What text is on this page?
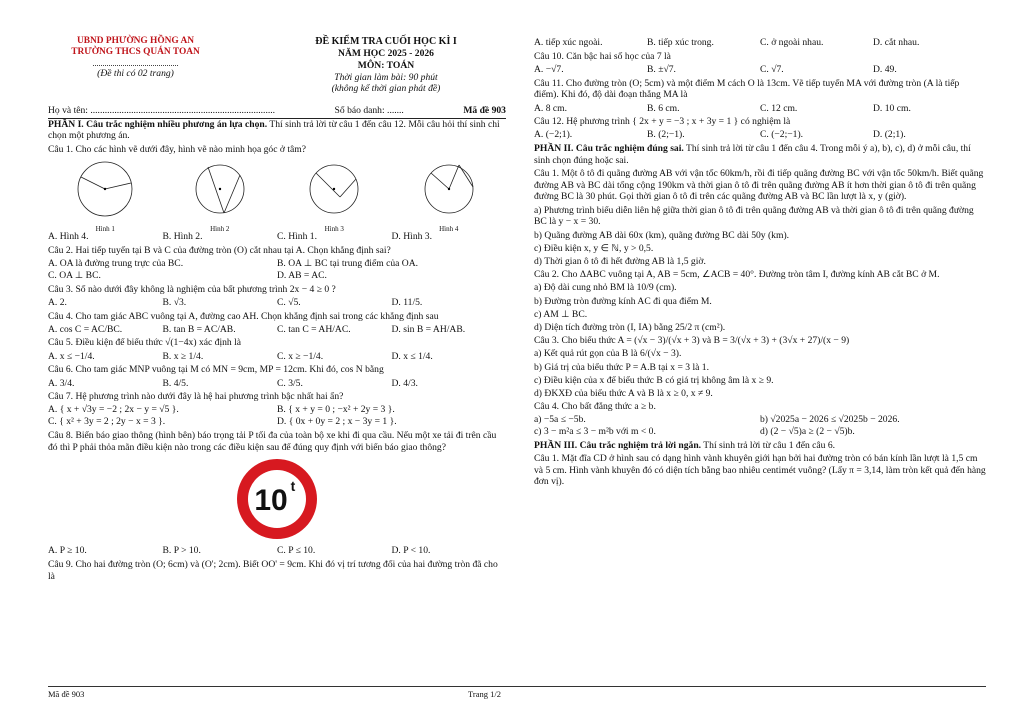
UBND PHƯỜNG HỒNG AN
TRƯỜNG THCS QUÁN TOAN
(Đề thi có 02 trang)
ĐỀ KIỂM TRA CUỐI HỌC KÌ I
NĂM HỌC 2025 - 2026
MÔN: TOÁN
Thời gian làm bài: 90 phút
(không kể thời gian phát đề)
Họ và tên: .............................................................................	Số báo danh: .......	Mã đề 903

PHẦN I. Câu trắc nghiệm nhiều phương án lựa chọn. Thí sinh trả lời từ câu 1 đến câu 12. Mỗi câu hỏi thí sinh chỉ chọn một phương án.

Câu 1. Cho các hình vẽ dưới đây, hình vẽ nào minh họa góc ở tâm?

Hình 1	Hình 2	Hình 3	Hình 4
A. Hình 4.	B. Hình 2.	C. Hình 1.	D. Hình 3.

Câu 2. Hai tiếp tuyến tại B và C của đường tròn (O) cắt nhau tại A. Chọn khẳng định sai?

A. OA là đường trung trực của BC.	B. OA ⊥ BC tại trung điểm của OA.
C. OA ⊥ BC.	D. AB = AC.

Câu 3. Số nào dưới đây không là nghiệm của bất phương trình 2x − 4 ≥ 0 ?

A. 2.	B. √3.	C. √5.	D. 11/5.

Câu 4. Cho tam giác ABC vuông tại A, đường cao AH. Chọn khẳng định sai trong các khẳng định sau

A. cos C = AC/BC.	B. tan B = AC/AB.	C. tan C = AH/AC.	D. sin B = AH/AB.

Câu 5. Điều kiện để biểu thức √(1−4x) xác định là

A. x ≤ −1/4.	B. x ≥ 1/4.	C. x ≥ −1/4.	D. x ≤ 1/4.

Câu 6. Cho tam giác MNP vuông tại M có MN = 9cm, MP = 12cm. Khi đó, cos N bằng

A. 3/4.	B. 4/5.	C. 3/5.	D. 4/3.

Câu 7. Hệ phương trình nào dưới đây là hệ hai phương trình bậc nhất hai ẩn?

A. { x + √3y = −2 ; 2x − y = √5 }.	B. { x + y = 0 ; −x² + 2y = 3 }.
C. { x² + 3y = 2 ; 2y − x = 3 }.	D. { 0x + 0y = 2 ; x − 3y = 1 }.

Câu 8. Biển báo giao thông (hình bên) báo trọng tải P tối đa của toàn bộ xe khi đi qua cầu. Nếu một xe tải đi trên cầu đó thì P phải thỏa mãn điều kiện nào trong các điều kiện sau để đúng quy định với biển báo giao thông?

10 t
A. P ≥ 10.	B. P > 10.	C. P ≤ 10.	D. P < 10.

Câu 9. Cho hai đường tròn (O; 6cm) và (O'; 2cm). Biết OO' = 9cm. Khi đó vị trí tương đối của hai đường tròn đã cho là

A. tiếp xúc ngoài.	B. tiếp xúc trong.	C. ở ngoài nhau.	D. cắt nhau.

Câu 10. Căn bậc hai số học của 7 là

A. −√7.	B. ±√7.	C. √7.	D. 49.

Câu 11. Cho đường tròn (O; 5cm) và một điểm M cách O là 13cm. Vẽ tiếp tuyến MA với đường tròn (A là tiếp điểm). Khi đó, độ dài đoạn thẳng MA là

A. 8 cm.	B. 6 cm.	C. 12 cm.	D. 10 cm.

Câu 12. Hệ phương trình { 2x + y = −3 ; x + 3y = 1 } có nghiệm là

A. (−2;1).	B. (2;−1).	C. (−2;−1).	D. (2;1).

PHẦN II. Câu trắc nghiệm đúng sai. Thí sinh trả lời từ câu 1 đến câu 4. Trong mỗi ý a), b), c), d) ở mỗi câu, thí sinh chọn đúng hoặc sai.

Câu 1. Một ô tô đi quãng đường AB với vận tốc 60km/h, rồi đi tiếp quãng đường BC với vận tốc 50km/h. Biết quãng đường AB và BC dài tổng cộng 190km và thời gian ô tô đi trên quãng đường AB ít hơn thời gian ô tô đi trên quãng đường BC là 30 phút. Gọi thời gian ô tô đi trên các quãng đường AB và BC lần lượt là x, y (giờ).

a) Phương trình biểu diễn liên hệ giữa thời gian ô tô đi trên quãng đường AB và thời gian ô tô đi trên quãng đường BC là y − x = 30.

b) Quãng đường AB dài 60x (km), quãng đường BC dài 50y (km).

c) Điều kiện x, y ∈ ℕ, y > 0,5.

d) Thời gian ô tô đi hết đường AB là 1,5 giờ.

Câu 2. Cho ΔABC vuông tại A, AB = 5cm, ∠ACB = 40°. Đường tròn tâm I, đường kính AB cắt BC ở M.

a) Độ dài cung nhỏ BM là 10/9 (cm).

b) Đường tròn đường kính AC đi qua điểm M.

c) AM ⊥ BC.

d) Diện tích đường tròn (I, IA) bằng 25/2 π (cm²).

Câu 3. Cho biểu thức A = (√x − 3)/(√x + 3) và B = 3/(√x + 3) + (3√x + 27)/(x − 9)

a) Kết quả rút gọn của B là 6/(√x − 3).

b) Giá trị của biểu thức P = A.B tại x = 3 là 1.

c) Điều kiện của x để biểu thức B có giá trị không âm là x ≥ 9.

d) ĐKXĐ của biểu thức A và B là x ≥ 0, x ≠ 9.

Câu 4. Cho bất đẳng thức a ≥ b.

a) −5a ≤ −5b.	b) √2025a − 2026 ≤ √2025b − 2026.
c) 3 − m²a ≤ 3 − m²b với m < 0.	d) (2 − √5)a ≥ (2 − √5)b.

PHẦN III. Câu trắc nghiệm trả lời ngắn. Thí sinh trả lời từ câu 1 đến câu 6.

Câu 1. Mặt đĩa CD ở hình sau có dạng hình vành khuyên giới hạn bởi hai đường tròn có bán kính lần lượt là 1,5 cm và 5 cm. Hình vành khuyên đó có diện tích bằng bao nhiêu centimét vuông? (Lấy π = 3,14, làm tròn kết quả đến hàng đơn vị).

Mã đề 903	Trang 1/2
